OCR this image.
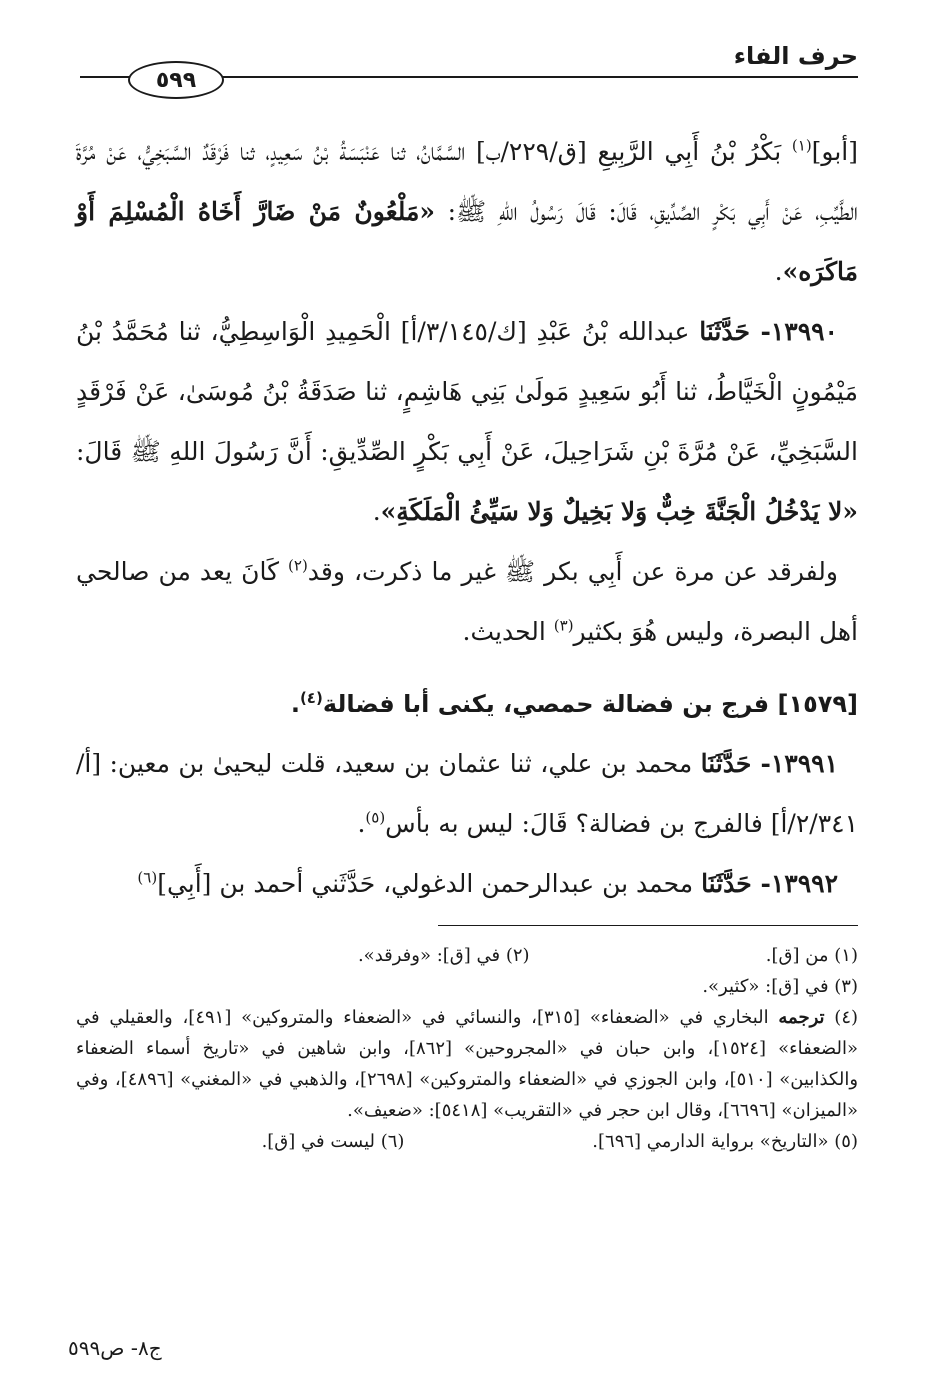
حرف الفاء
٥٩٩

[أبو]$^{(١)}$ بَكْرُ بْنُ أَبِي الرَّبِيعِ [ق/٢٢٩/ب] السَّمَّانُ، ثنا عَنْبَسَةُ بْنُ سَعِيدٍ، ثنا فَرْقَدٌ السَّبَخِيُّ، عَنْ مُرَّةَ الطَّيِّبِ، عَنْ أَبِي بَكْرٍ الصِّدِّيقِ، قَالَ: قَالَ رَسُولُ اللهِ ﷺ: «مَلْعُونٌ مَنْ ضَارَّ أَخَاهُ الْمُسْلِمَ أَوْ مَاكَرَه».

١٣٩٩٠- حَدَّثَنَا عبدالله بْنُ عَبْدِ [ك/٣/١٤٥/أ] الْحَمِيدِ الْوَاسِطِيُّ، ثنا مُحَمَّدُ بْنُ مَيْمُونٍ الْخَيَّاطُ، ثنا أَبُو سَعِيدٍ مَولَىٰ بَنِي هَاشِمٍ، ثنا صَدَقَةُ بْنُ مُوسَىٰ، عَنْ فَرْقَدٍ السَّبَخِيِّ، عَنْ مُرَّةَ بْنِ شَرَاحِيلَ، عَنْ أَبِي بَكْرٍ الصِّدِّيقِ: أَنَّ رَسُولَ اللهِ ﷺ قَالَ: «لا يَدْخُلُ الْجَنَّةَ خِبٌّ وَلا بَخِيلٌ وَلا سَيِّئُ الْمَلَكَةِ».

ولفرقد عن مرة عن أَبِي بكر ﷺ غير ما ذكرت، وقد$^{(٢)}$ كَانَ يعد من صالحي أهل البصرة، وليس هُوَ بكثير$^{(٣)}$ الحديث.

[١٥٧٩] فرج بن فضالة حمصي، يكنى أبا فضالة$^{(٤)}$.

١٣٩٩١- حَدَّثَنَا محمد بن علي، ثنا عثمان بن سعيد، قلت ليحيىٰ بن معين: [أ/٢/٣٤١/أ] فالفرج بن فضالة؟ قَالَ: ليس به بأس$^{(٥)}$.

١٣٩٩٢- حَدَّثَنَا محمد بن عبدالرحمن الدغولي، حَدَّثَني أحمد بن [أَبِي]$^{(٦)}$

(١) من [ق].
(٢) في [ق]: «وفرقد».
(٣) في [ق]: «كثير».
(٤) ترجمه البخاري في «الضعفاء» [٣١٥]، والنسائي في «الضعفاء والمتروكين» [٤٩١]، والعقيلي في «الضعفاء» [١٥٢٤]، وابن حبان في «المجروحين» [٨٦٢]، وابن شاهين في «تاريخ أسماء الضعفاء والكذابين» [٥١٠]، وابن الجوزي في «الضعفاء والمتروكين» [٢٦٩٨]، والذهبي في «المغني» [٤٨٩٦]، وفي «الميزان» [٦٦٩٦]، وقال ابن حجر في «التقريب» [٥٤١٨]: «ضعيف».
(٥) «التاريخ» برواية الدارمي [٦٩٦].
(٦) ليست في [ق].
ج٨- ص٥٩٩
